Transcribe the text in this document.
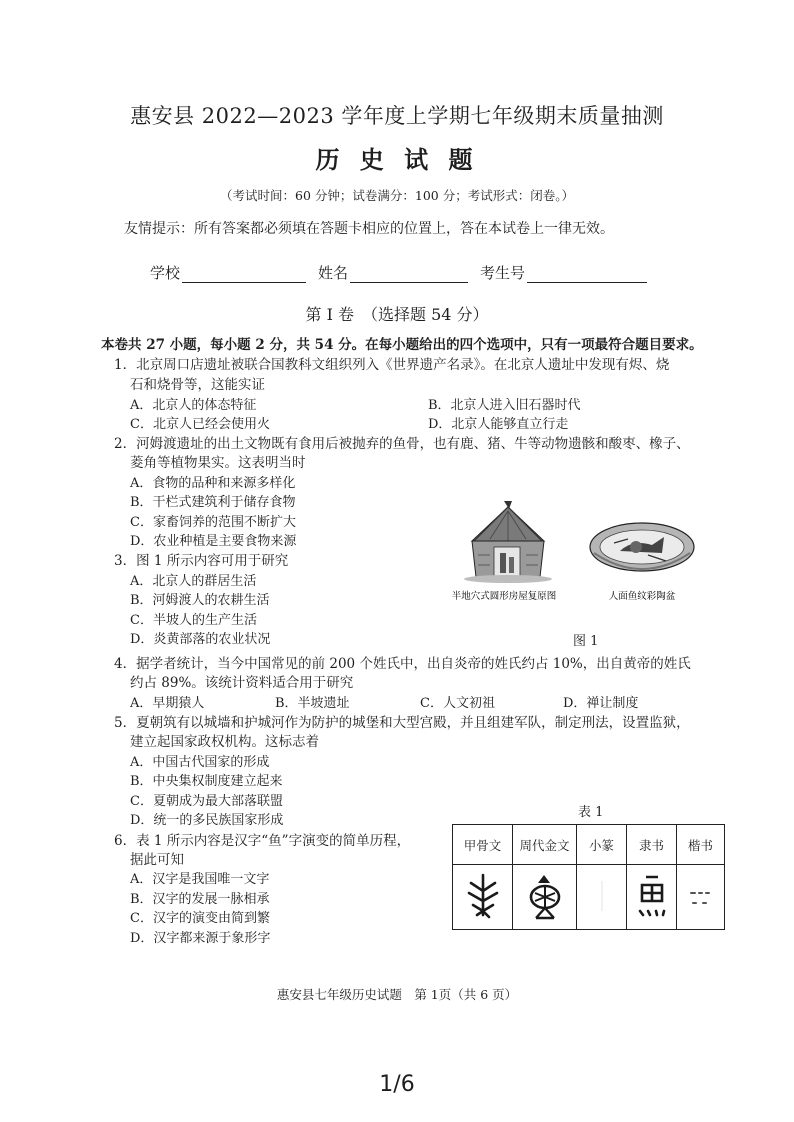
惠安县 2022—2023 学年度上学期七年级期末质量抽测
历 史 试 题
（考试时间：60 分钟；试卷满分：100 分；考试形式：闭卷。）
友情提示：所有答案都必须填在答题卡相应的位置上，答在本试卷上一律无效。
学校	姓名	考生号
第 I 卷　（选择题 54 分）
本卷共 27 小题，每小题 2 分，共 54 分。在每小题给出的四个选项中，只有一项最符合题目要求。
1．北京周口店遗址被联合国教科文组织列入《世界遗产名录》。在北京人遗址中发现有烬、烧
石和烧骨等，这能实证
A．北京人的体态特征	B．北京人进入旧石器时代
C．北京人已经会使用火	D．北京人能够直立行走
2．河姆渡遗址的出土文物既有食用后被抛弃的鱼骨，也有鹿、猪、牛等动物遗骸和酸枣、橡子、
菱角等植物果实。这表明当时
A．食物的品种和来源多样化
B．干栏式建筑利于储存食物
C．家畜饲养的范围不断扩大
D．农业种植是主要食物来源
3．图 1 所示内容可用于研究
A．北京人的群居生活
B．河姆渡人的农耕生活
C．半坡人的生产生活
D．炎黄部落的农业状况
半地穴式圆形房屋复原图	人面鱼纹彩陶盆
图 1
4．据学者统计，当今中国常见的前 200 个姓氏中，出自炎帝的姓氏约占 10%，出自黄帝的姓氏
约占 89%。该统计资料适合用于研究
A．早期猿人	B．半坡遗址	C．人文初祖	D．禅让制度
5．夏朝筑有以城墙和护城河作为防护的城堡和大型宫殿，并且组建军队，制定刑法，设置监狱，
建立起国家政权机构。这标志着
A．中国古代国家的形成
B．中央集权制度建立起来
C．夏朝成为最大部落联盟
D．统一的多民族国家形成
表 1
6．表 1 所示内容是汉字“鱼”字演变的简单历程，
据此可知
A．汉字是我国唯一文字
B．汉字的发展一脉相承
C．汉字的演变由简到繁
D．汉字都来源于象形字
甲骨文	周代金文	小篆	隶书	楷书

惠安县七年级历史试题　第 1页（共 6 页）
1/6
